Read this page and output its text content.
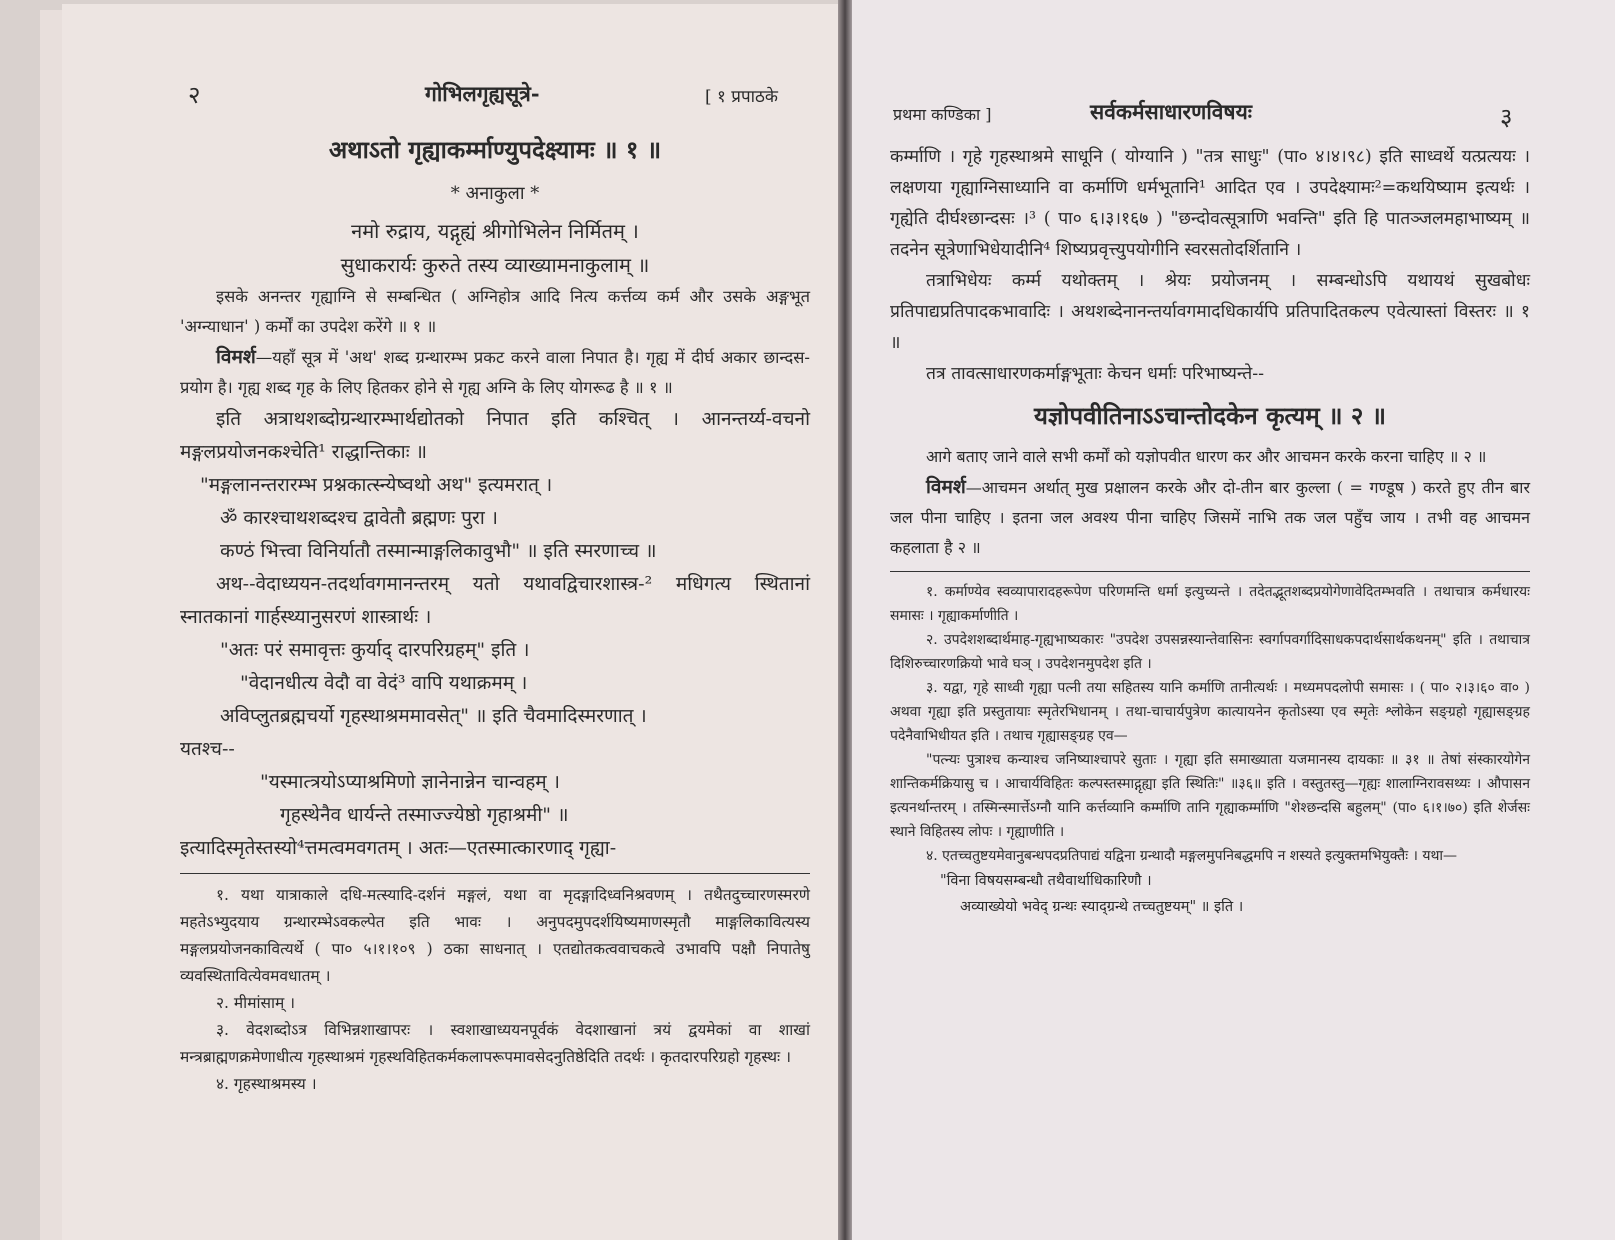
२	गोभिलगृह्यसूत्रे-	[ १ प्रपाठके

अथाऽतो गृह्याकर्म्माण्युपदेक्ष्यामः ॥ १ ॥

* अनाकुला *

नमो रुद्राय, यद्गृह्यं श्रीगोभिलेन निर्मितम् ।

सुधाकरार्यः कुरुते तस्य व्याख्यामनाकुलाम् ॥

इसके अनन्तर गृह्याग्नि से सम्बन्धित ( अग्निहोत्र आदि नित्य कर्त्तव्य कर्म और उसके अङ्गभूत 'अग्न्याधान' ) कर्मों का उपदेश करेंगे ॥ १ ॥

विमर्श—यहाँ सूत्र में 'अथ' शब्द ग्रन्थारम्भ प्रकट करने वाला निपात है। गृह्य में दीर्घ अकार छान्दस-प्रयोग है। गृह्य शब्द गृह के लिए हितकर होने से गृह्य अग्नि के लिए योगरूढ है ॥ १ ॥

इति अत्राथशब्दोग्रन्थारम्भार्थद्योतको निपात इति कश्चित् । आनन्तर्य्य-वचनो मङ्गलप्रयोजनकश्चेति¹ राद्धान्तिकाः ॥

"मङ्गलानन्तरारम्भ प्रश्नकात्स्न्येष्वथो अथ" इत्यमरात् ।

ॐ कारश्चाथशब्दश्च द्वावेतौ ब्रह्मणः पुरा ।

कण्ठं भित्त्वा विनिर्यातौ तस्मान्माङ्गलिकावुभौ" ॥ इति स्मरणाच्च ॥

अथ--वेदाध्ययन-तदर्थावगमानन्तरम् यतो यथावद्विचारशास्त्र-² मधिगत्य स्थितानां स्नातकानां गार्हस्थ्यानुसरणं शास्त्रार्थः ।

"अतः परं समावृत्तः कुर्याद् दारपरिग्रहम्" इति ।

"वेदानधीत्य वेदौ वा वेदं³ वापि यथाक्रमम् ।

अविप्लुतब्रह्मचर्यो गृहस्थाश्रममावसेत्" ॥ इति चैवमादिस्मरणात् ।

यतश्च--

"यस्मात्त्रयोऽप्याश्रमिणो ज्ञानेनान्नेन चान्वहम् ।

गृहस्थेनैव धार्यन्ते तस्माज्ज्येष्ठो गृहाश्रमी" ॥

इत्यादिस्मृतेस्तस्यो⁴त्तमत्वमवगतम् । अतः—एतस्मात्कारणाद् गृह्या-

१. यथा यात्राकाले दधि-मत्स्यादि-दर्शनं मङ्गलं, यथा वा मृदङ्गादिध्वनिश्रवणम् । तथैतदुच्चारणस्मरणे महतेऽभ्युदयाय ग्रन्थारम्भेऽवकल्पेत इति भावः । अनुपदमुपदर्शयिष्यमाणस्मृतौ माङ्गलिकावित्यस्य मङ्गलप्रयोजनकावित्यर्थे ( पा० ५।१।१०९ ) ठका साधनात् । एतद्योतकत्ववाचकत्वे उभावपि पक्षौ निपातेषु व्यवस्थितावित्येवमवधातम् ।

२. मीमांसाम् ।

३. वेदशब्दोऽत्र विभिन्नशाखापरः । स्वशाखाध्ययनपूर्वकं वेदशाखानां त्रयं द्वयमेकां वा शाखां मन्त्रब्राह्मणक्रमेणाधीत्य गृहस्थाश्रमं गृहस्थविहितकर्मकलापरूपमावसेदनुतिष्ठेदिति तदर्थः । कृतदारपरिग्रहो गृहस्थः ।

४. गृहस्थाश्रमस्य ।

प्रथमा कण्डिका ]	सर्वकर्मसाधारणविषयः	३

कर्म्माणि । गृहे गृहस्थाश्रमे साधूनि ( योग्यानि ) "तत्र साधुः" (पा० ४।४।९८) इति साध्वर्थे यत्प्रत्ययः । लक्षणया गृह्याग्निसाध्यानि वा कर्माणि धर्मभूतानि¹ आदित एव । उपदेक्ष्यामः²=कथयिष्याम इत्यर्थः । गृह्येति दीर्घश्छान्दसः ।³ ( पा० ६।३।१६७ ) "छन्दोवत्सूत्राणि भवन्ति" इति हि पातञ्जलमहाभाष्यम् ॥ तदनेन सूत्रेणाभिधेयादीनि⁴ शिष्यप्रवृत्त्युपयोगीनि स्वरसतोदर्शितानि ।

तत्राभिधेयः कर्म्म यथोक्तम् । श्रेयः प्रयोजनम् । सम्बन्धोऽपि यथायथं सुखबोधः प्रतिपाद्यप्रतिपादकभावादिः । अथशब्देनानन्तर्यावगमादधिकार्यपि प्रतिपादितकल्प एवेत्यास्तां विस्तरः ॥ १ ॥

तत्र तावत्साधारणकर्माङ्गभूताः केचन धर्माः परिभाष्यन्ते--

यज्ञोपवीतिनाऽऽचान्तोदकेन कृत्यम् ॥ २ ॥

आगे बताए जाने वाले सभी कर्मों को यज्ञोपवीत धारण कर और आचमन करके करना चाहिए ॥ २ ॥

विमर्श—आचमन अर्थात् मुख प्रक्षालन करके और दो-तीन बार कुल्ला ( = गण्डूष ) करते हुए तीन बार जल पीना चाहिए । इतना जल अवश्य पीना चाहिए जिसमें नाभि तक जल पहुँच जाय । तभी वह आचमन कहलाता है २ ॥

१. कर्माण्येव स्वव्यापारादहरूपेण परिणमन्ति धर्मा इत्युच्यन्ते । तदेतद्भूतशब्दप्रयोगेणावेदितम्भवति । तथाचात्र कर्मधारयः समासः । गृह्याकर्माणीति ।

२. उपदेशशब्दार्थमाह-गृह्यभाष्यकारः "उपदेश उपसन्नस्यान्तेवासिनः स्वर्गापवर्गादिसाधकपदार्थसार्थकथनम्" इति । तथाचात्र दिशिरुच्चारणक्रियो भावे घञ् । उपदेशनमुपदेश इति ।

३. यद्वा, गृहे साध्वी गृह्या पत्नी तया सहितस्य यानि कर्माणि तानीत्यर्थः । मध्यमपदलोपी समासः । ( पा० २।३।६० वा० ) अथवा गृह्या इति प्रस्तुतायाः स्मृतेरभिधानम् । तथा-चाचार्यपुत्रेण कात्यायनेन कृतोऽस्या एव स्मृतेः श्लोकेन सङ्ग्रहो गृह्यासङ्ग्रह पदेनैवाभिधीयत इति । तथाच गृह्यासङ्ग्रह एव—

"पत्न्यः पुत्राश्च कन्याश्च जनिष्याश्चापरे सुताः । गृह्या इति समाख्याता यजमानस्य दायकाः ॥ ३१ ॥ तेषां संस्कारयोगेन शान्तिकर्मक्रियासु च । आचार्यविहितः कल्पस्तस्माद्गृह्या इति स्थितिः" ॥३६॥ इति । वस्तुतस्तु—गृह्यः शालाग्निरावसथ्यः । औपासन इत्यनर्थान्तरम् । तस्मिन्स्मार्त्तेऽग्नौ यानि कर्त्तव्यानि कर्म्माणि तानि गृह्याकर्म्माणि "शेश्छन्दसि बहुलम्" (पा० ६।१।७०) इति शेर्जसः स्थाने विहितस्य लोपः । गृह्याणीति ।

४. एतच्चतुष्टयमेवानुबन्धपदप्रतिपाद्यं यद्विना ग्रन्थादौ मङ्गलमुपनिबद्धमपि न शस्यते इत्युक्तमभियुक्तैः । यथा—

"विना विषयसम्बन्धौ तथैवार्थाधिकारिणौ ।

अव्याख्येयो भवेद् ग्रन्थः स्याद्ग्रन्थे तच्चतुष्टयम्" ॥ इति ।
